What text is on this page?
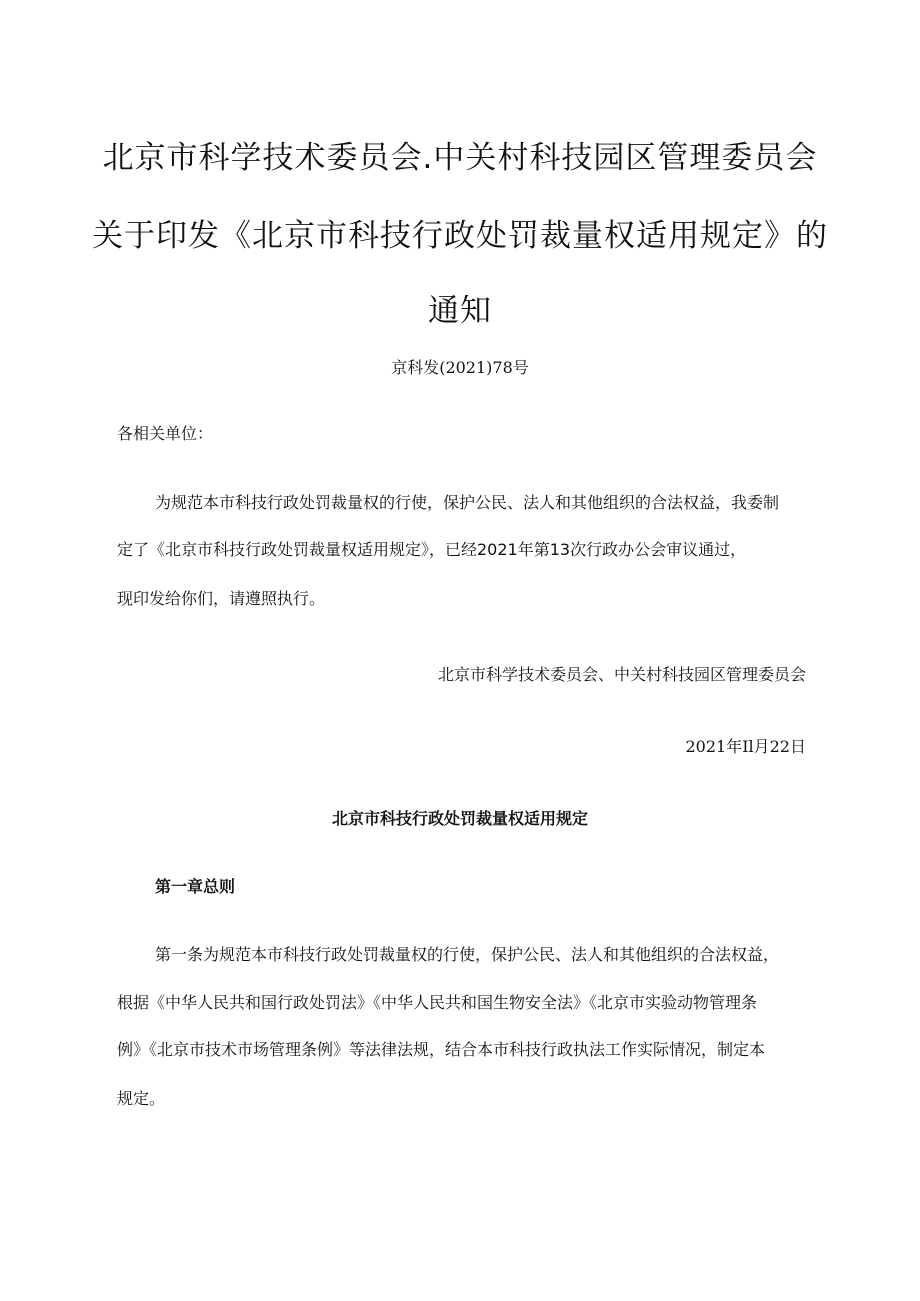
北京市科学技术委员会.中关村科技园区管理委员会
关于印发《北京市科技行政处罚裁量权适用规定》的
通知
京科发(2021)78号
各相关单位：
为规范本市科技行政处罚裁量权的行使，保护公民、法人和其他组织的合法权益，我委制
定了《北京市科技行政处罚裁量权适用规定》，已经2021年第13次行政办公会审议通过，
现印发给你们，请遵照执行。
北京市科学技术委员会、中关村科技园区管理委员会
2021年Il月22日
北京市科技行政处罚裁量权适用规定
第一章总则
第一条为规范本市科技行政处罚裁量权的行使，保护公民、法人和其他组织的合法权益，
根据《中华人民共和国行政处罚法》《中华人民共和国生物安全法》《北京市实验动物管理条
例》《北京市技术市场管理条例》等法律法规，结合本市科技行政执法工作实际情况，制定本
规定。
